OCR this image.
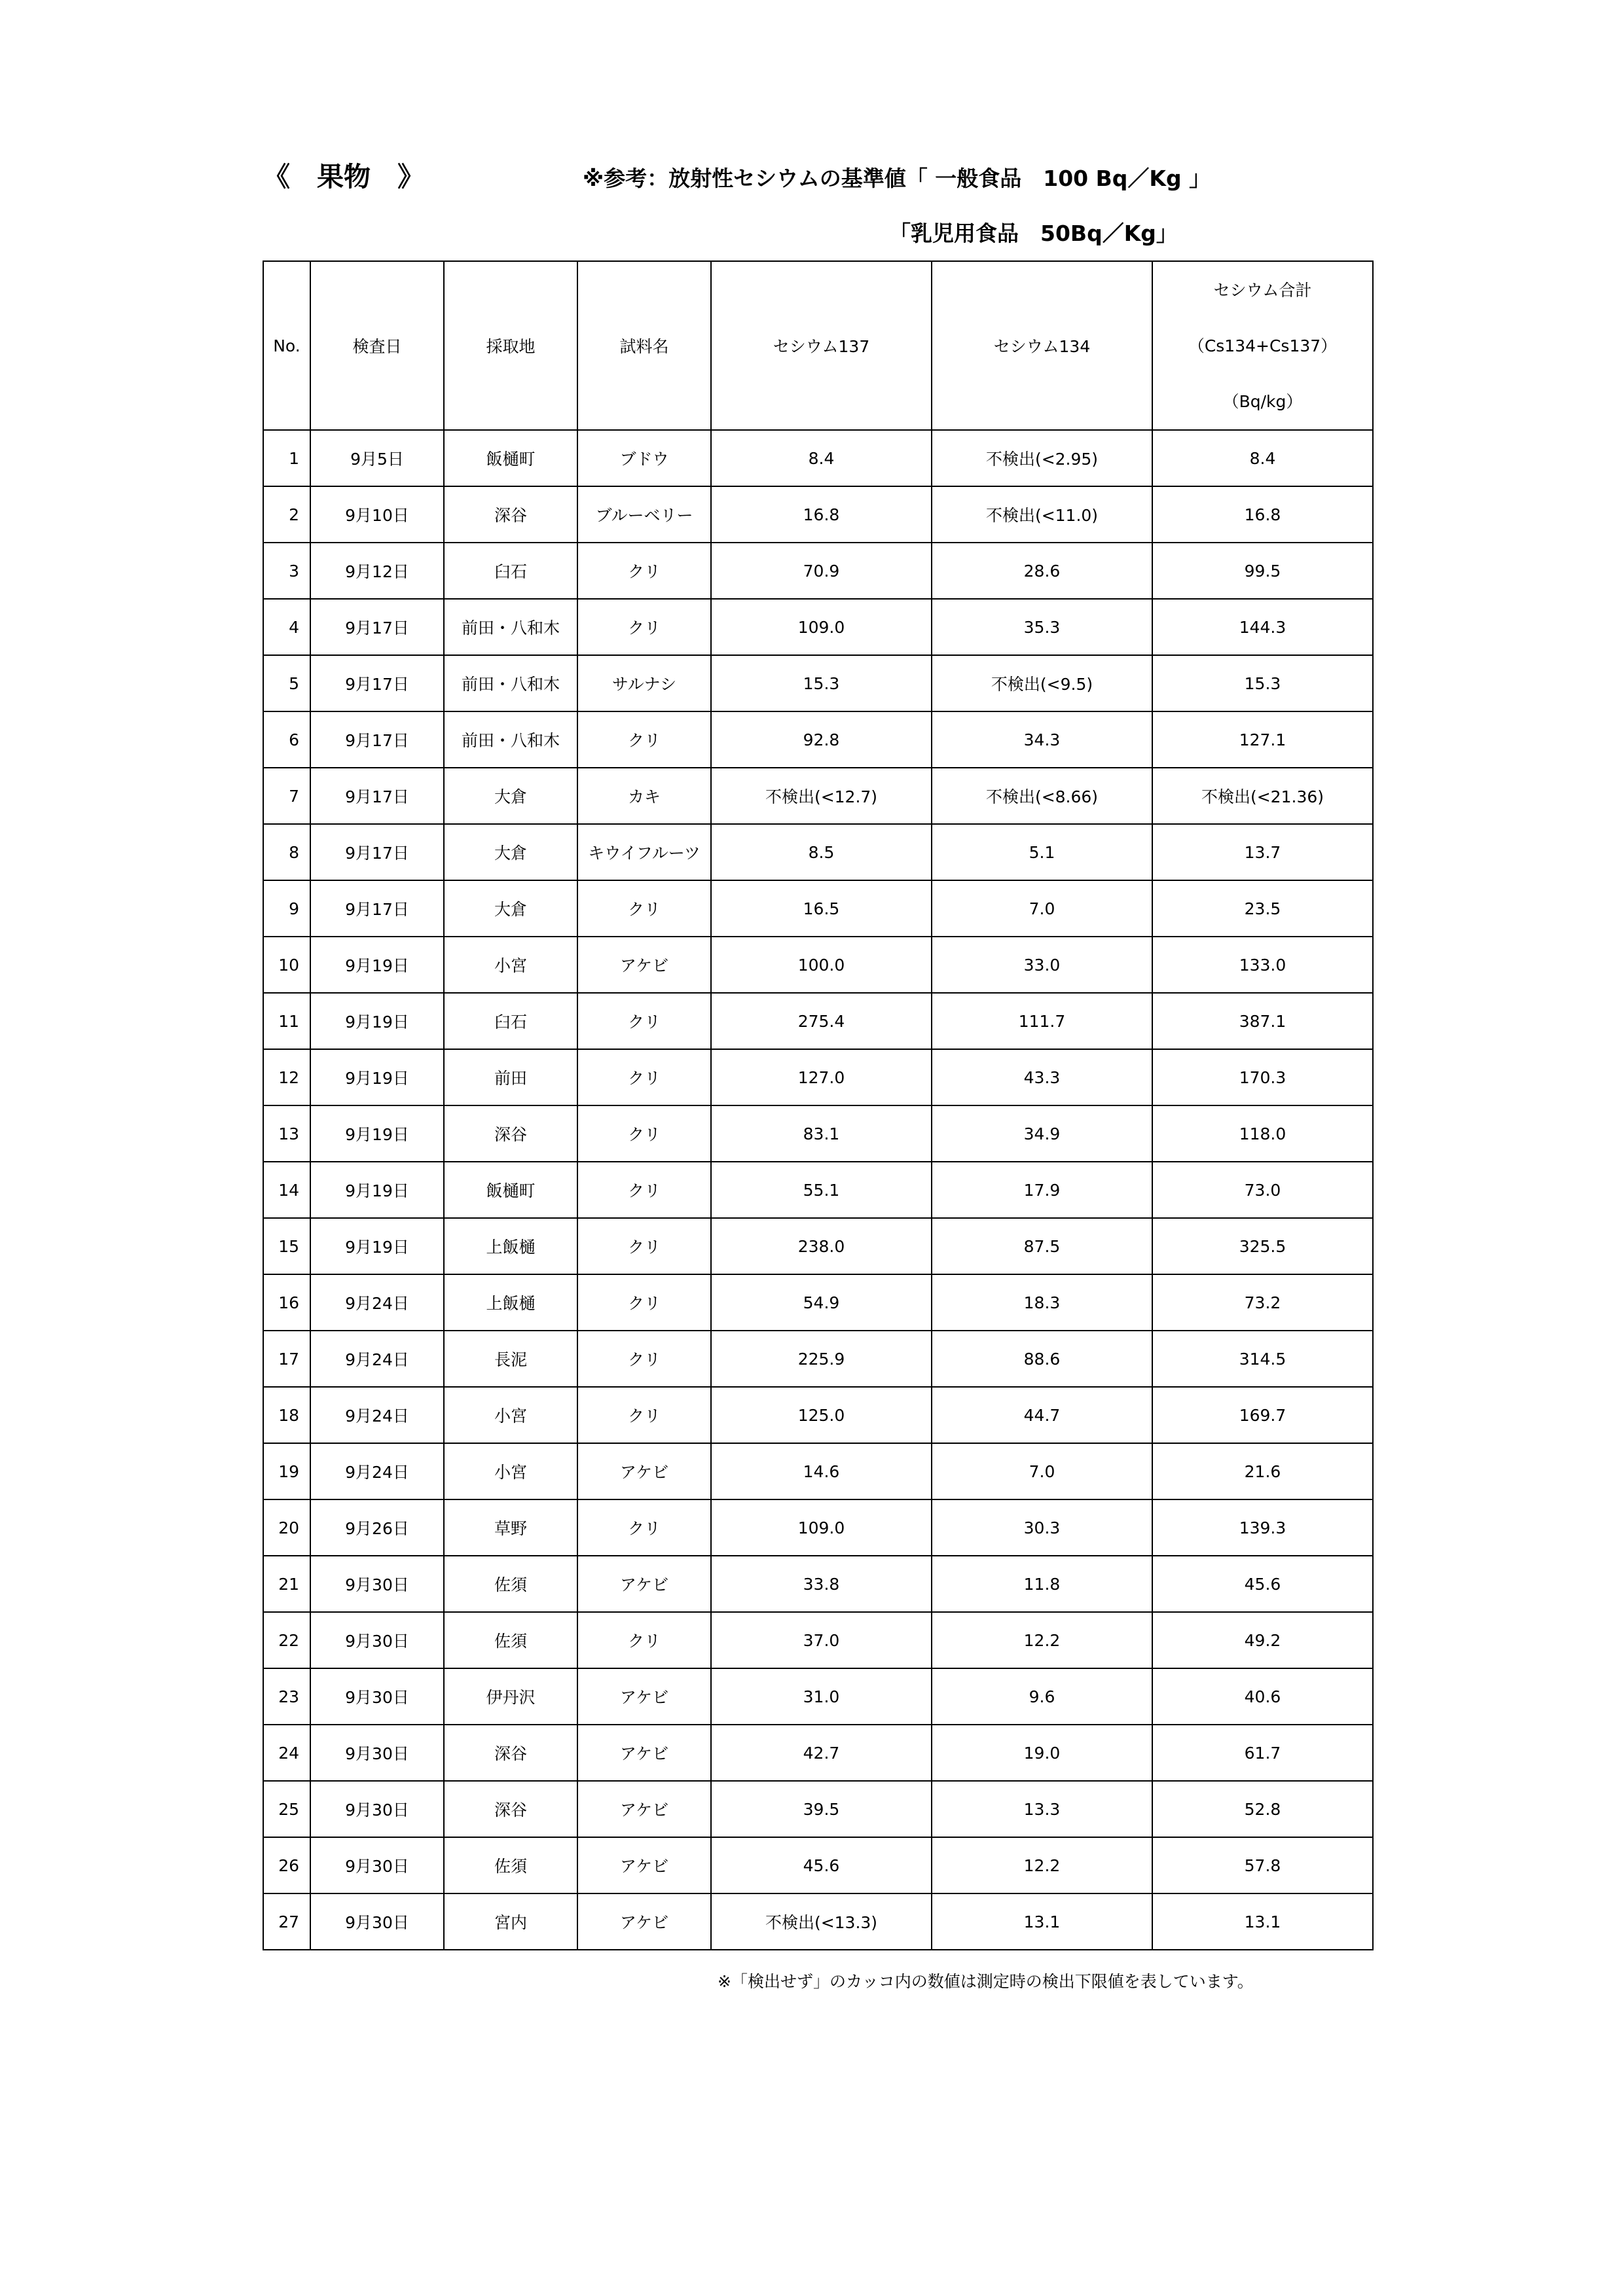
《　果物　》	※参考：放射性セシウムの基準値「 一般食品　100 Bq／Kg 」
「乳児用食品　50Bq／Kg」
No.	検査日	採取地	試料名	セシウム137	セシウム134	セシウム合計
（Cs134+Cs137）
（Bq/kg）

1	9月5日	飯樋町	ブドウ	8.4	不検出(<2.95)	8.4
2	9月10日	深谷	ブルーベリー	16.8	不検出(<11.0)	16.8
3	9月12日	臼石	クリ	70.9	28.6	99.5
4	9月17日	前田・八和木	クリ	109.0	35.3	144.3
5	9月17日	前田・八和木	サルナシ	15.3	不検出(<9.5)	15.3
6	9月17日	前田・八和木	クリ	92.8	34.3	127.1
7	9月17日	大倉	カキ	不検出(<12.7)	不検出(<8.66)	不検出(<21.36)
8	9月17日	大倉	キウイフルーツ	8.5	5.1	13.7
9	9月17日	大倉	クリ	16.5	7.0	23.5
10	9月19日	小宮	アケビ	100.0	33.0	133.0
11	9月19日	臼石	クリ	275.4	111.7	387.1
12	9月19日	前田	クリ	127.0	43.3	170.3
13	9月19日	深谷	クリ	83.1	34.9	118.0
14	9月19日	飯樋町	クリ	55.1	17.9	73.0
15	9月19日	上飯樋	クリ	238.0	87.5	325.5
16	9月24日	上飯樋	クリ	54.9	18.3	73.2
17	9月24日	長泥	クリ	225.9	88.6	314.5
18	9月24日	小宮	クリ	125.0	44.7	169.7
19	9月24日	小宮	アケビ	14.6	7.0	21.6
20	9月26日	草野	クリ	109.0	30.3	139.3
21	9月30日	佐須	アケビ	33.8	11.8	45.6
22	9月30日	佐須	クリ	37.0	12.2	49.2
23	9月30日	伊丹沢	アケビ	31.0	9.6	40.6
24	9月30日	深谷	アケビ	42.7	19.0	61.7
25	9月30日	深谷	アケビ	39.5	13.3	52.8
26	9月30日	佐須	アケビ	45.6	12.2	57.8
27	9月30日	宮内	アケビ	不検出(<13.3)	13.1	13.1
※「検出せず」のカッコ内の数値は測定時の検出下限値を表しています。
